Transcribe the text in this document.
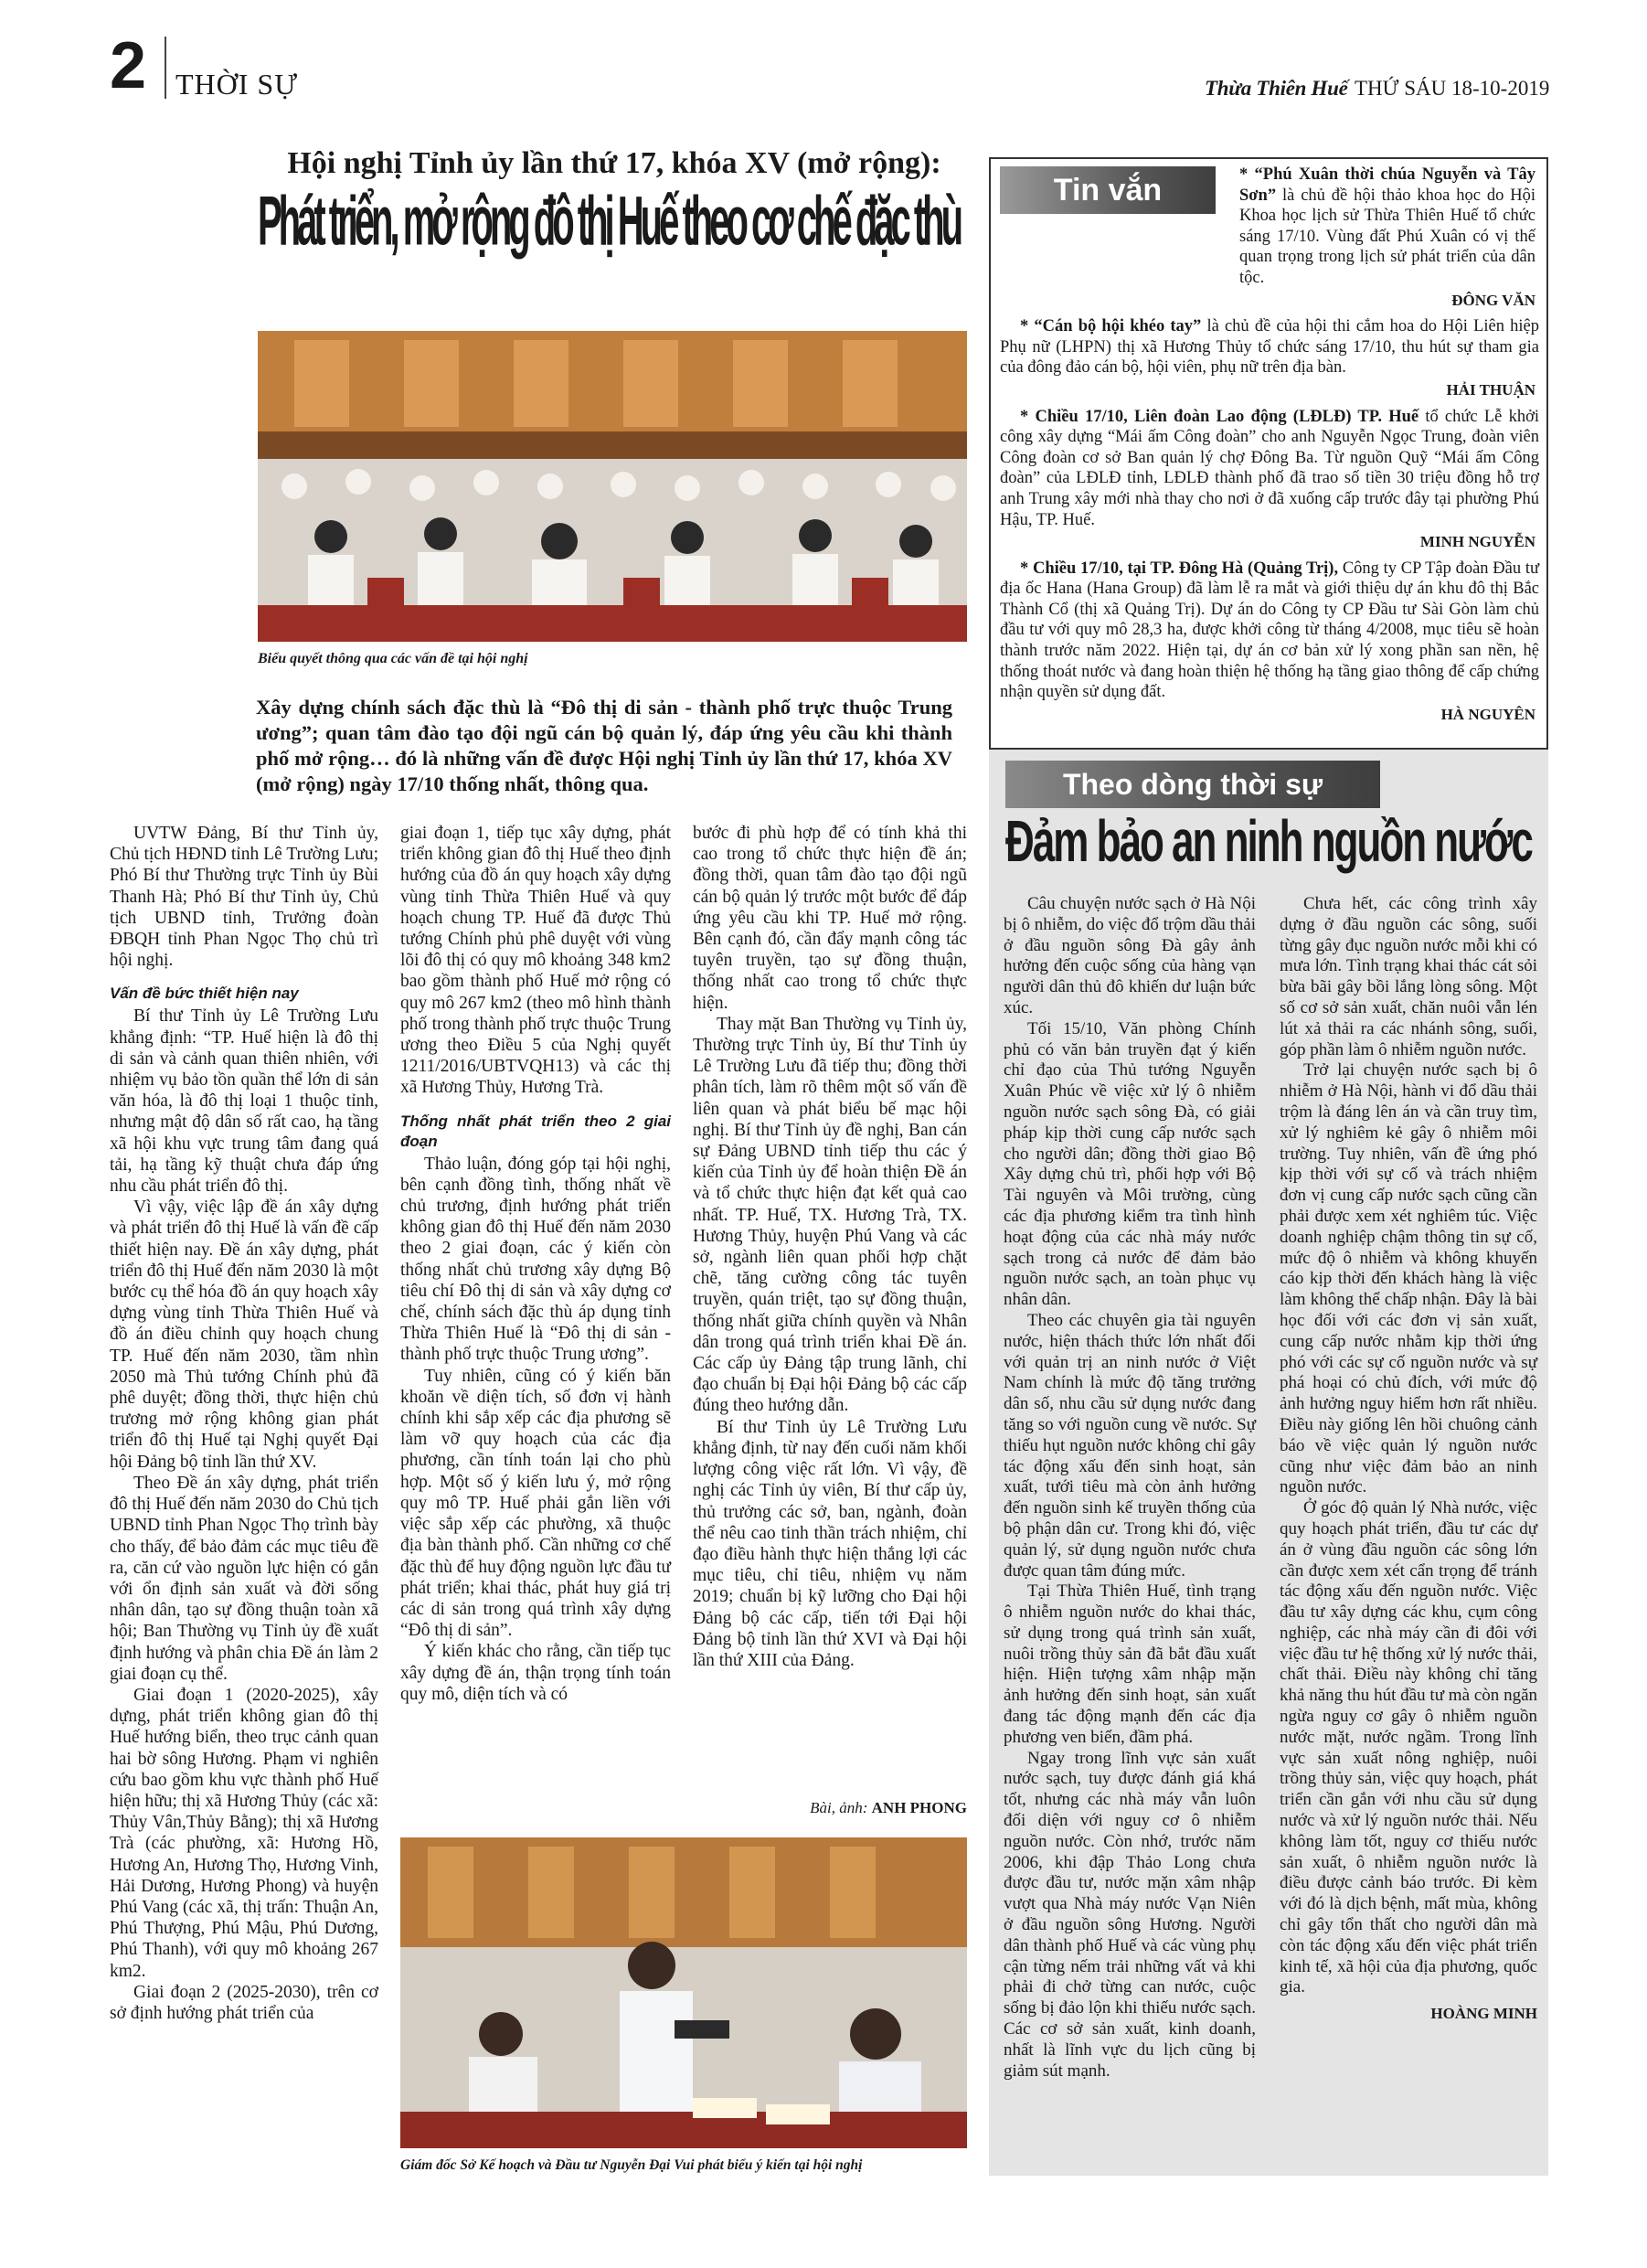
2 THỜI SỰ	Thừa Thiên Huế THỨ SÁU 18-10-2019
Hội nghị Tỉnh ủy lần thứ 17, khóa XV (mở rộng):
Phát triển, mở rộng đô thị Huế theo cơ chế đặc thù
Biểu quyết thông qua các vấn đề tại hội nghị
Xây dựng chính sách đặc thù là “Đô thị di sản - thành phố trực thuộc Trung ương”; quan tâm đào tạo đội ngũ cán bộ quản lý, đáp ứng yêu cầu khi thành phố mở rộng… đó là những vấn đề được Hội nghị Tỉnh ủy lần thứ 17, khóa XV (mở rộng) ngày 17/10 thống nhất, thông qua.

UVTW Đảng, Bí thư Tỉnh ủy, Chủ tịch HĐND tỉnh Lê Trường Lưu; Phó Bí thư Thường trực Tỉnh ủy Bùi Thanh Hà; Phó Bí thư Tỉnh ủy, Chủ tịch UBND tỉnh, Trưởng đoàn ĐBQH tỉnh Phan Ngọc Thọ chủ trì hội nghị.

Vấn đề bức thiết hiện nay

Bí thư Tỉnh ủy Lê Trường Lưu khẳng định: “TP. Huế hiện là đô thị di sản và cảnh quan thiên nhiên, với nhiệm vụ bảo tồn quần thể lớn di sản văn hóa, là đô thị loại 1 thuộc tỉnh, nhưng mật độ dân số rất cao, hạ tầng xã hội khu vực trung tâm đang quá tải, hạ tầng kỹ thuật chưa đáp ứng nhu cầu phát triển đô thị.

Vì vậy, việc lập đề án xây dựng và phát triển đô thị Huế là vấn đề cấp thiết hiện nay. Đề án xây dựng, phát triển đô thị Huế đến năm 2030 là một bước cụ thể hóa đồ án quy hoạch xây dựng vùng tỉnh Thừa Thiên Huế và đồ án điều chỉnh quy hoạch chung TP. Huế đến năm 2030, tầm nhìn 2050 mà Thủ tướng Chính phủ đã phê duyệt; đồng thời, thực hiện chủ trương mở rộng không gian phát triển đô thị Huế tại Nghị quyết Đại hội Đảng bộ tỉnh lần thứ XV.

Theo Đề án xây dựng, phát triển đô thị Huế đến năm 2030 do Chủ tịch UBND tỉnh Phan Ngọc Thọ trình bày cho thấy, để bảo đảm các mục tiêu đề ra, căn cứ vào nguồn lực hiện có gắn với ổn định sản xuất và đời sống nhân dân, tạo sự đồng thuận toàn xã hội; Ban Thường vụ Tỉnh ủy đề xuất định hướng và phân chia Đề án làm 2 giai đoạn cụ thể.

Giai đoạn 1 (2020-2025), xây dựng, phát triển không gian đô thị Huế hướng biển, theo trục cảnh quan hai bờ sông Hương. Phạm vi nghiên cứu bao gồm khu vực thành phố Huế hiện hữu; thị xã Hương Thủy (các xã: Thủy Vân,Thủy Bằng); thị xã Hương Trà (các phường, xã: Hương Hồ, Hương An, Hương Thọ, Hương Vinh, Hải Dương, Hương Phong) và huyện Phú Vang (các xã, thị trấn: Thuận An, Phú Thượng, Phú Mậu, Phú Dương, Phú Thanh), với quy mô khoảng 267 km2.

Giai đoạn 2 (2025-2030), trên cơ sở định hướng phát triển của

giai đoạn 1, tiếp tục xây dựng, phát triển không gian đô thị Huế theo định hướng của đồ án quy hoạch xây dựng vùng tỉnh Thừa Thiên Huế và quy hoạch chung TP. Huế đã được Thủ tướng Chính phủ phê duyệt với vùng lõi đô thị có quy mô khoảng 348 km2 bao gồm thành phố Huế mở rộng có quy mô 267 km2 (theo mô hình thành phố trong thành phố trực thuộc Trung ương theo Điều 5 của Nghị quyết 1211/2016/UBTVQH13) và các thị xã Hương Thủy, Hương Trà.

Thống nhất phát triển theo 2 giai đoạn

Thảo luận, đóng góp tại hội nghị, bên cạnh đồng tình, thống nhất về chủ trương, định hướng phát triển không gian đô thị Huế đến năm 2030 theo 2 giai đoạn, các ý kiến còn thống nhất chủ trương xây dựng Bộ tiêu chí Đô thị di sản và xây dựng cơ chế, chính sách đặc thù áp dụng tỉnh Thừa Thiên Huế là “Đô thị di sản - thành phố trực thuộc Trung ương”.

Tuy nhiên, cũng có ý kiến băn khoăn về diện tích, số đơn vị hành chính khi sắp xếp các địa phương sẽ làm vỡ quy hoạch của các địa phương, cần tính toán lại cho phù hợp. Một số ý kiến lưu ý, mở rộng quy mô TP. Huế phải gắn liền với việc sắp xếp các phường, xã thuộc địa bàn thành phố. Cần những cơ chế đặc thù để huy động nguồn lực đầu tư phát triển; khai thác, phát huy giá trị các di sản trong quá trình xây dựng “Đô thị di sản”.

Ý kiến khác cho rằng, cần tiếp tục xây dựng đề án, thận trọng tính toán quy mô, diện tích và có

bước đi phù hợp để có tính khả thi cao trong tổ chức thực hiện đề án; đồng thời, quan tâm đào tạo đội ngũ cán bộ quản lý trước một bước để đáp ứng yêu cầu khi TP. Huế mở rộng. Bên cạnh đó, cần đẩy mạnh công tác tuyên truyền, tạo sự đồng thuận, thống nhất cao trong tổ chức thực hiện.

Thay mặt Ban Thường vụ Tỉnh ủy, Thường trực Tỉnh ủy, Bí thư Tỉnh ủy Lê Trường Lưu đã tiếp thu; đồng thời phân tích, làm rõ thêm một số vấn đề liên quan và phát biểu bế mạc hội nghị. Bí thư Tỉnh ủy đề nghị, Ban cán sự Đảng UBND tỉnh tiếp thu các ý kiến của Tỉnh ủy để hoàn thiện Đề án và tổ chức thực hiện đạt kết quả cao nhất. TP. Huế, TX. Hương Trà, TX. Hương Thủy, huyện Phú Vang và các sở, ngành liên quan phối hợp chặt chẽ, tăng cường công tác tuyên truyền, quán triệt, tạo sự đồng thuận, thống nhất giữa chính quyền và Nhân dân trong quá trình triển khai Đề án. Các cấp ủy Đảng tập trung lãnh, chỉ đạo chuẩn bị Đại hội Đảng bộ các cấp đúng theo hướng dẫn.

Bí thư Tỉnh ủy Lê Trường Lưu khẳng định, từ nay đến cuối năm khối lượng công việc rất lớn. Vì vậy, đề nghị các Tỉnh ủy viên, Bí thư cấp ủy, thủ trưởng các sở, ban, ngành, đoàn thể nêu cao tinh thần trách nhiệm, chỉ đạo điều hành thực hiện thắng lợi các mục tiêu, chỉ tiêu, nhiệm vụ năm 2019; chuẩn bị kỹ lưỡng cho Đại hội Đảng bộ các cấp, tiến tới Đại hội Đảng bộ tỉnh lần thứ XVI và Đại hội lần thứ XIII của Đảng.

Bài, ảnh: ANH PHONG
Giám đốc Sở Kế hoạch và Đầu tư Nguyễn Đại Vui phát biểu ý kiến tại hội nghị

* “Phú Xuân thời chúa Nguyễn và Tây Sơn” là chủ đề hội thảo khoa học do Hội Khoa học lịch sử Thừa Thiên Huế tổ chức sáng 17/10. Vùng đất Phú Xuân có vị thế quan trọng trong lịch sử phát triển của dân tộc.

ĐÔNG VĂN

* “Cán bộ hội khéo tay” là chủ đề của hội thi cắm hoa do Hội Liên hiệp Phụ nữ (LHPN) thị xã Hương Thủy tổ chức sáng 17/10, thu hút sự tham gia của đông đảo cán bộ, hội viên, phụ nữ trên địa bàn.

HẢI THUẬN

* Chiều 17/10, Liên đoàn Lao động (LĐLĐ) TP. Huế tổ chức Lễ khởi công xây dựng “Mái ấm Công đoàn” cho anh Nguyễn Ngọc Trung, đoàn viên Công đoàn cơ sở Ban quản lý chợ Đông Ba. Từ nguồn Quỹ “Mái ấm Công đoàn” của LĐLĐ tỉnh, LĐLĐ thành phố đã trao số tiền 30 triệu đồng hỗ trợ anh Trung xây mới nhà thay cho nơi ở đã xuống cấp trước đây tại phường Phú Hậu, TP. Huế.

MINH NGUYỄN

* Chiều 17/10, tại TP. Đông Hà (Quảng Trị), Công ty CP Tập đoàn Đầu tư địa ốc Hana (Hana Group) đã làm lễ ra mắt và giới thiệu dự án khu đô thị Bắc Thành Cổ (thị xã Quảng Trị). Dự án do Công ty CP Đầu tư Sài Gòn làm chủ đầu tư với quy mô 28,3 ha, được khởi công từ tháng 4/2008, mục tiêu sẽ hoàn thành trước năm 2022. Hiện tại, dự án cơ bản xử lý xong phần san nền, hệ thống thoát nước và đang hoàn thiện hệ thống hạ tầng giao thông để cấp chứng nhận quyền sử dụng đất.

HÀ NGUYÊN
Tin vắn
Theo dòng thời sự
Đảm bảo an ninh nguồn nước

Câu chuyện nước sạch ở Hà Nội bị ô nhiễm, do việc đổ trộm dầu thải ở đầu nguồn sông Đà gây ảnh hưởng đến cuộc sống của hàng vạn người dân thủ đô khiến dư luận bức xúc.

Tối 15/10, Văn phòng Chính phủ có văn bản truyền đạt ý kiến chỉ đạo của Thủ tướng Nguyễn Xuân Phúc về việc xử lý ô nhiễm nguồn nước sạch sông Đà, có giải pháp kịp thời cung cấp nước sạch cho người dân; đồng thời giao Bộ Xây dựng chủ trì, phối hợp với Bộ Tài nguyên và Môi trường, cùng các địa phương kiểm tra tình hình hoạt động của các nhà máy nước sạch trong cả nước để đảm bảo nguồn nước sạch, an toàn phục vụ nhân dân.

Theo các chuyên gia tài nguyên nước, hiện thách thức lớn nhất đối với quản trị an ninh nước ở Việt Nam chính là mức độ tăng trưởng dân số, nhu cầu sử dụng nước đang tăng so với nguồn cung về nước. Sự thiếu hụt nguồn nước không chỉ gây tác động xấu đến sinh hoạt, sản xuất, tưới tiêu mà còn ảnh hưởng đến nguồn sinh kế truyền thống của bộ phận dân cư. Trong khi đó, việc quản lý, sử dụng nguồn nước chưa được quan tâm đúng mức.

Tại Thừa Thiên Huế, tình trạng ô nhiễm nguồn nước do khai thác, sử dụng trong quá trình sản xuất, nuôi trồng thủy sản đã bắt đầu xuất hiện. Hiện tượng xâm nhập mặn ảnh hưởng đến sinh hoạt, sản xuất đang tác động mạnh đến các địa phương ven biển, đầm phá.

Ngay trong lĩnh vực sản xuất nước sạch, tuy được đánh giá khá tốt, nhưng các nhà máy vẫn luôn đối diện với nguy cơ ô nhiễm nguồn nước. Còn nhớ, trước năm 2006, khi đập Thảo Long chưa được đầu tư, nước mặn xâm nhập vượt qua Nhà máy nước Vạn Niên ở đầu nguồn sông Hương. Người dân thành phố Huế và các vùng phụ cận từng nếm trải những vất vả khi phải đi chở từng can nước, cuộc sống bị đảo lộn khi thiếu nước sạch. Các cơ sở sản xuất, kinh doanh, nhất là lĩnh vực du lịch cũng bị giảm sút mạnh.

Chưa hết, các công trình xây dựng ở đầu nguồn các sông, suối từng gây đục nguồn nước mỗi khi có mưa lớn. Tình trạng khai thác cát sỏi bừa bãi gây bồi lắng lòng sông. Một số cơ sở sản xuất, chăn nuôi vẫn lén lút xả thải ra các nhánh sông, suối, góp phần làm ô nhiễm nguồn nước.

Trở lại chuyện nước sạch bị ô nhiễm ở Hà Nội, hành vi đổ dầu thải trộm là đáng lên án và cần truy tìm, xử lý nghiêm kẻ gây ô nhiễm môi trường. Tuy nhiên, vấn đề ứng phó kịp thời với sự cố và trách nhiệm đơn vị cung cấp nước sạch cũng cần phải được xem xét nghiêm túc. Việc doanh nghiệp chậm thông tin sự cố, mức độ ô nhiễm và không khuyến cáo kịp thời đến khách hàng là việc làm không thể chấp nhận. Đây là bài học đối với các đơn vị sản xuất, cung cấp nước nhằm kịp thời ứng phó với các sự cố nguồn nước và sự phá hoại có chủ đích, với mức độ ảnh hưởng nguy hiểm hơn rất nhiều. Điều này giống lên hồi chuông cảnh báo về việc quản lý nguồn nước cũng như việc đảm bảo an ninh nguồn nước.

Ở góc độ quản lý Nhà nước, việc quy hoạch phát triển, đầu tư các dự án ở vùng đầu nguồn các sông lớn cần được xem xét cẩn trọng để tránh tác động xấu đến nguồn nước. Việc đầu tư xây dựng các khu, cụm công nghiệp, các nhà máy cần đi đôi với việc đầu tư hệ thống xử lý nước thải, chất thải. Điều này không chỉ tăng khả năng thu hút đầu tư mà còn ngăn ngừa nguy cơ gây ô nhiễm nguồn nước mặt, nước ngầm. Trong lĩnh vực sản xuất nông nghiệp, nuôi trồng thủy sản, việc quy hoạch, phát triển cần gắn với nhu cầu sử dụng nước và xử lý nguồn nước thải. Nếu không làm tốt, nguy cơ thiếu nước sản xuất, ô nhiễm nguồn nước là điều được cảnh báo trước. Đi kèm với đó là dịch bệnh, mất mùa, không chỉ gây tổn thất cho người dân mà còn tác động xấu đến việc phát triển kinh tế, xã hội của địa phương, quốc gia.

HOÀNG MINH
